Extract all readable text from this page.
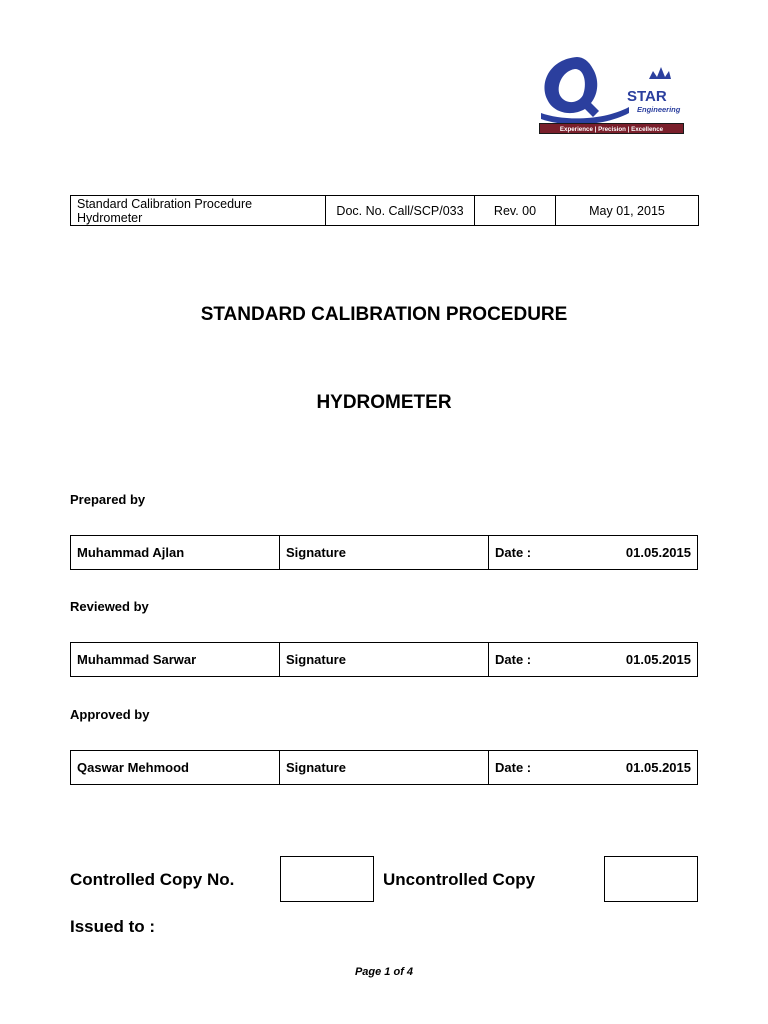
STAR
Engineering
Experience | Precision | Excellence
Standard Calibration Procedure
Hydrometer	Doc. No. Call/SCP/033	Rev. 00	May 01, 2015
STANDARD CALIBRATION PROCEDURE
HYDROMETER
Prepared by
Muhammad Ajlan	Signature	Date :	01.05.2015
Reviewed by
Muhammad Sarwar	Signature	Date :	01.05.2015
Approved by
Qaswar Mehmood	Signature	Date :	01.05.2015
Controlled Copy No.	Uncontrolled Copy
Issued to :
Page 1 of 4
